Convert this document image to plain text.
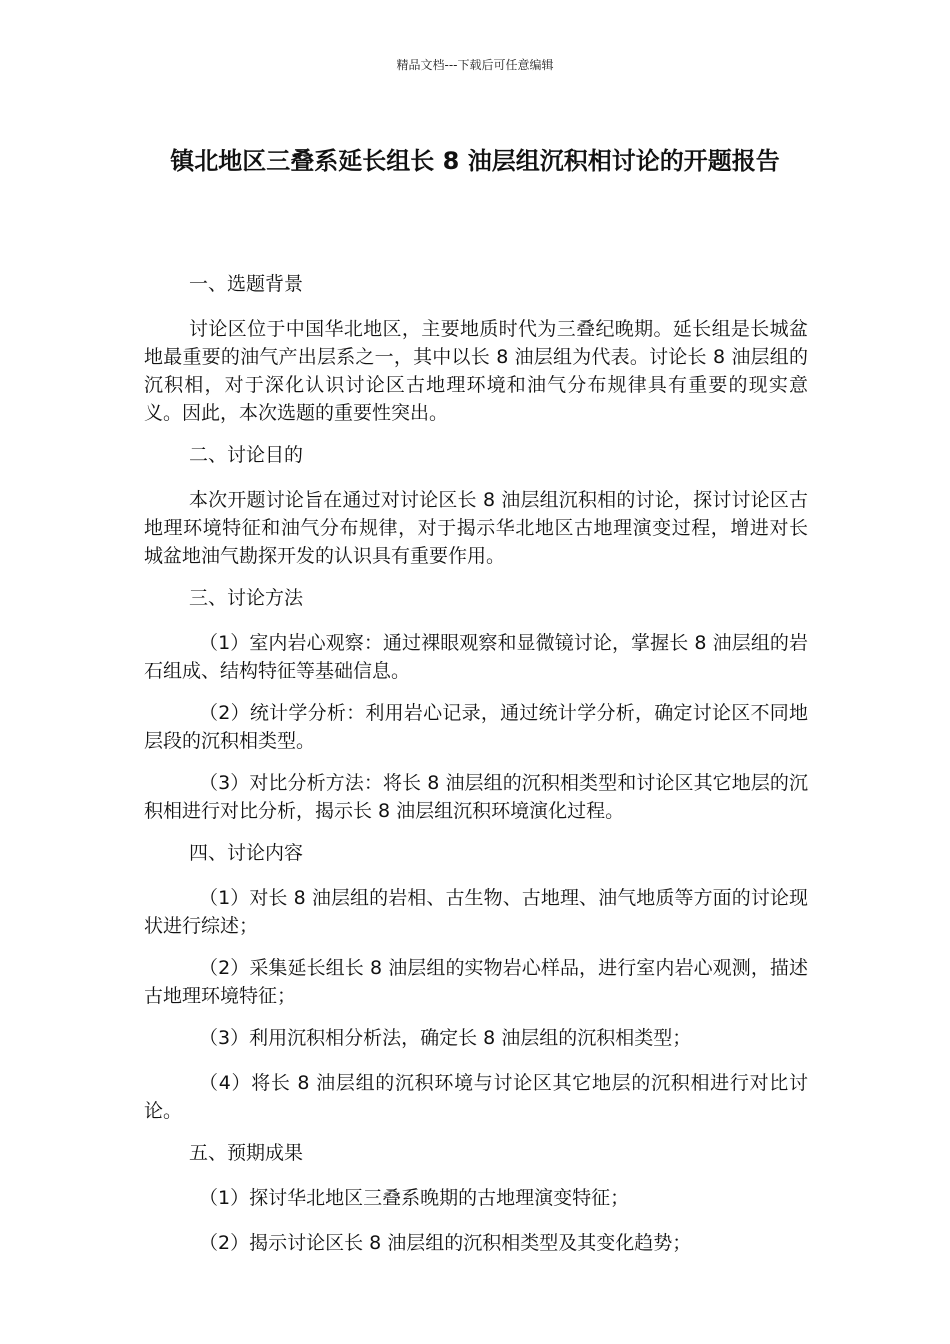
精品文档---下载后可任意编辑
镇北地区三叠系延长组长 8 油层组沉积相讨论的开题报告
一、选题背景

讨论区位于中国华北地区，主要地质时代为三叠纪晚期。延长组是长城盆地最重要的油气产出层系之一，其中以长 8 油层组为代表。讨论长 8 油层组的沉积相，对于深化认识讨论区古地理环境和油气分布规律具有重要的现实意义。因此，本次选题的重要性突出。

二、讨论目的

本次开题讨论旨在通过对讨论区长 8 油层组沉积相的讨论，探讨讨论区古地理环境特征和油气分布规律，对于揭示华北地区古地理演变过程，增进对长城盆地油气勘探开发的认识具有重要作用。

三、讨论方法

（1）室内岩心观察：通过裸眼观察和显微镜讨论，掌握长 8 油层组的岩石组成、结构特征等基础信息。

（2）统计学分析：利用岩心记录，通过统计学分析，确定讨论区不同地层段的沉积相类型。

（3）对比分析方法：将长 8 油层组的沉积相类型和讨论区其它地层的沉积相进行对比分析，揭示长 8 油层组沉积环境演化过程。

四、讨论内容

（1）对长 8 油层组的岩相、古生物、古地理、油气地质等方面的讨论现状进行综述；

（2）采集延长组长 8 油层组的实物岩心样品，进行室内岩心观测，描述古地理环境特征；

（3）利用沉积相分析法，确定长 8 油层组的沉积相类型；

（4）将长 8 油层组的沉积环境与讨论区其它地层的沉积相进行对比讨论。

五、预期成果

（1）探讨华北地区三叠系晚期的古地理演变特征；

（2）揭示讨论区长 8 油层组的沉积相类型及其变化趋势；
